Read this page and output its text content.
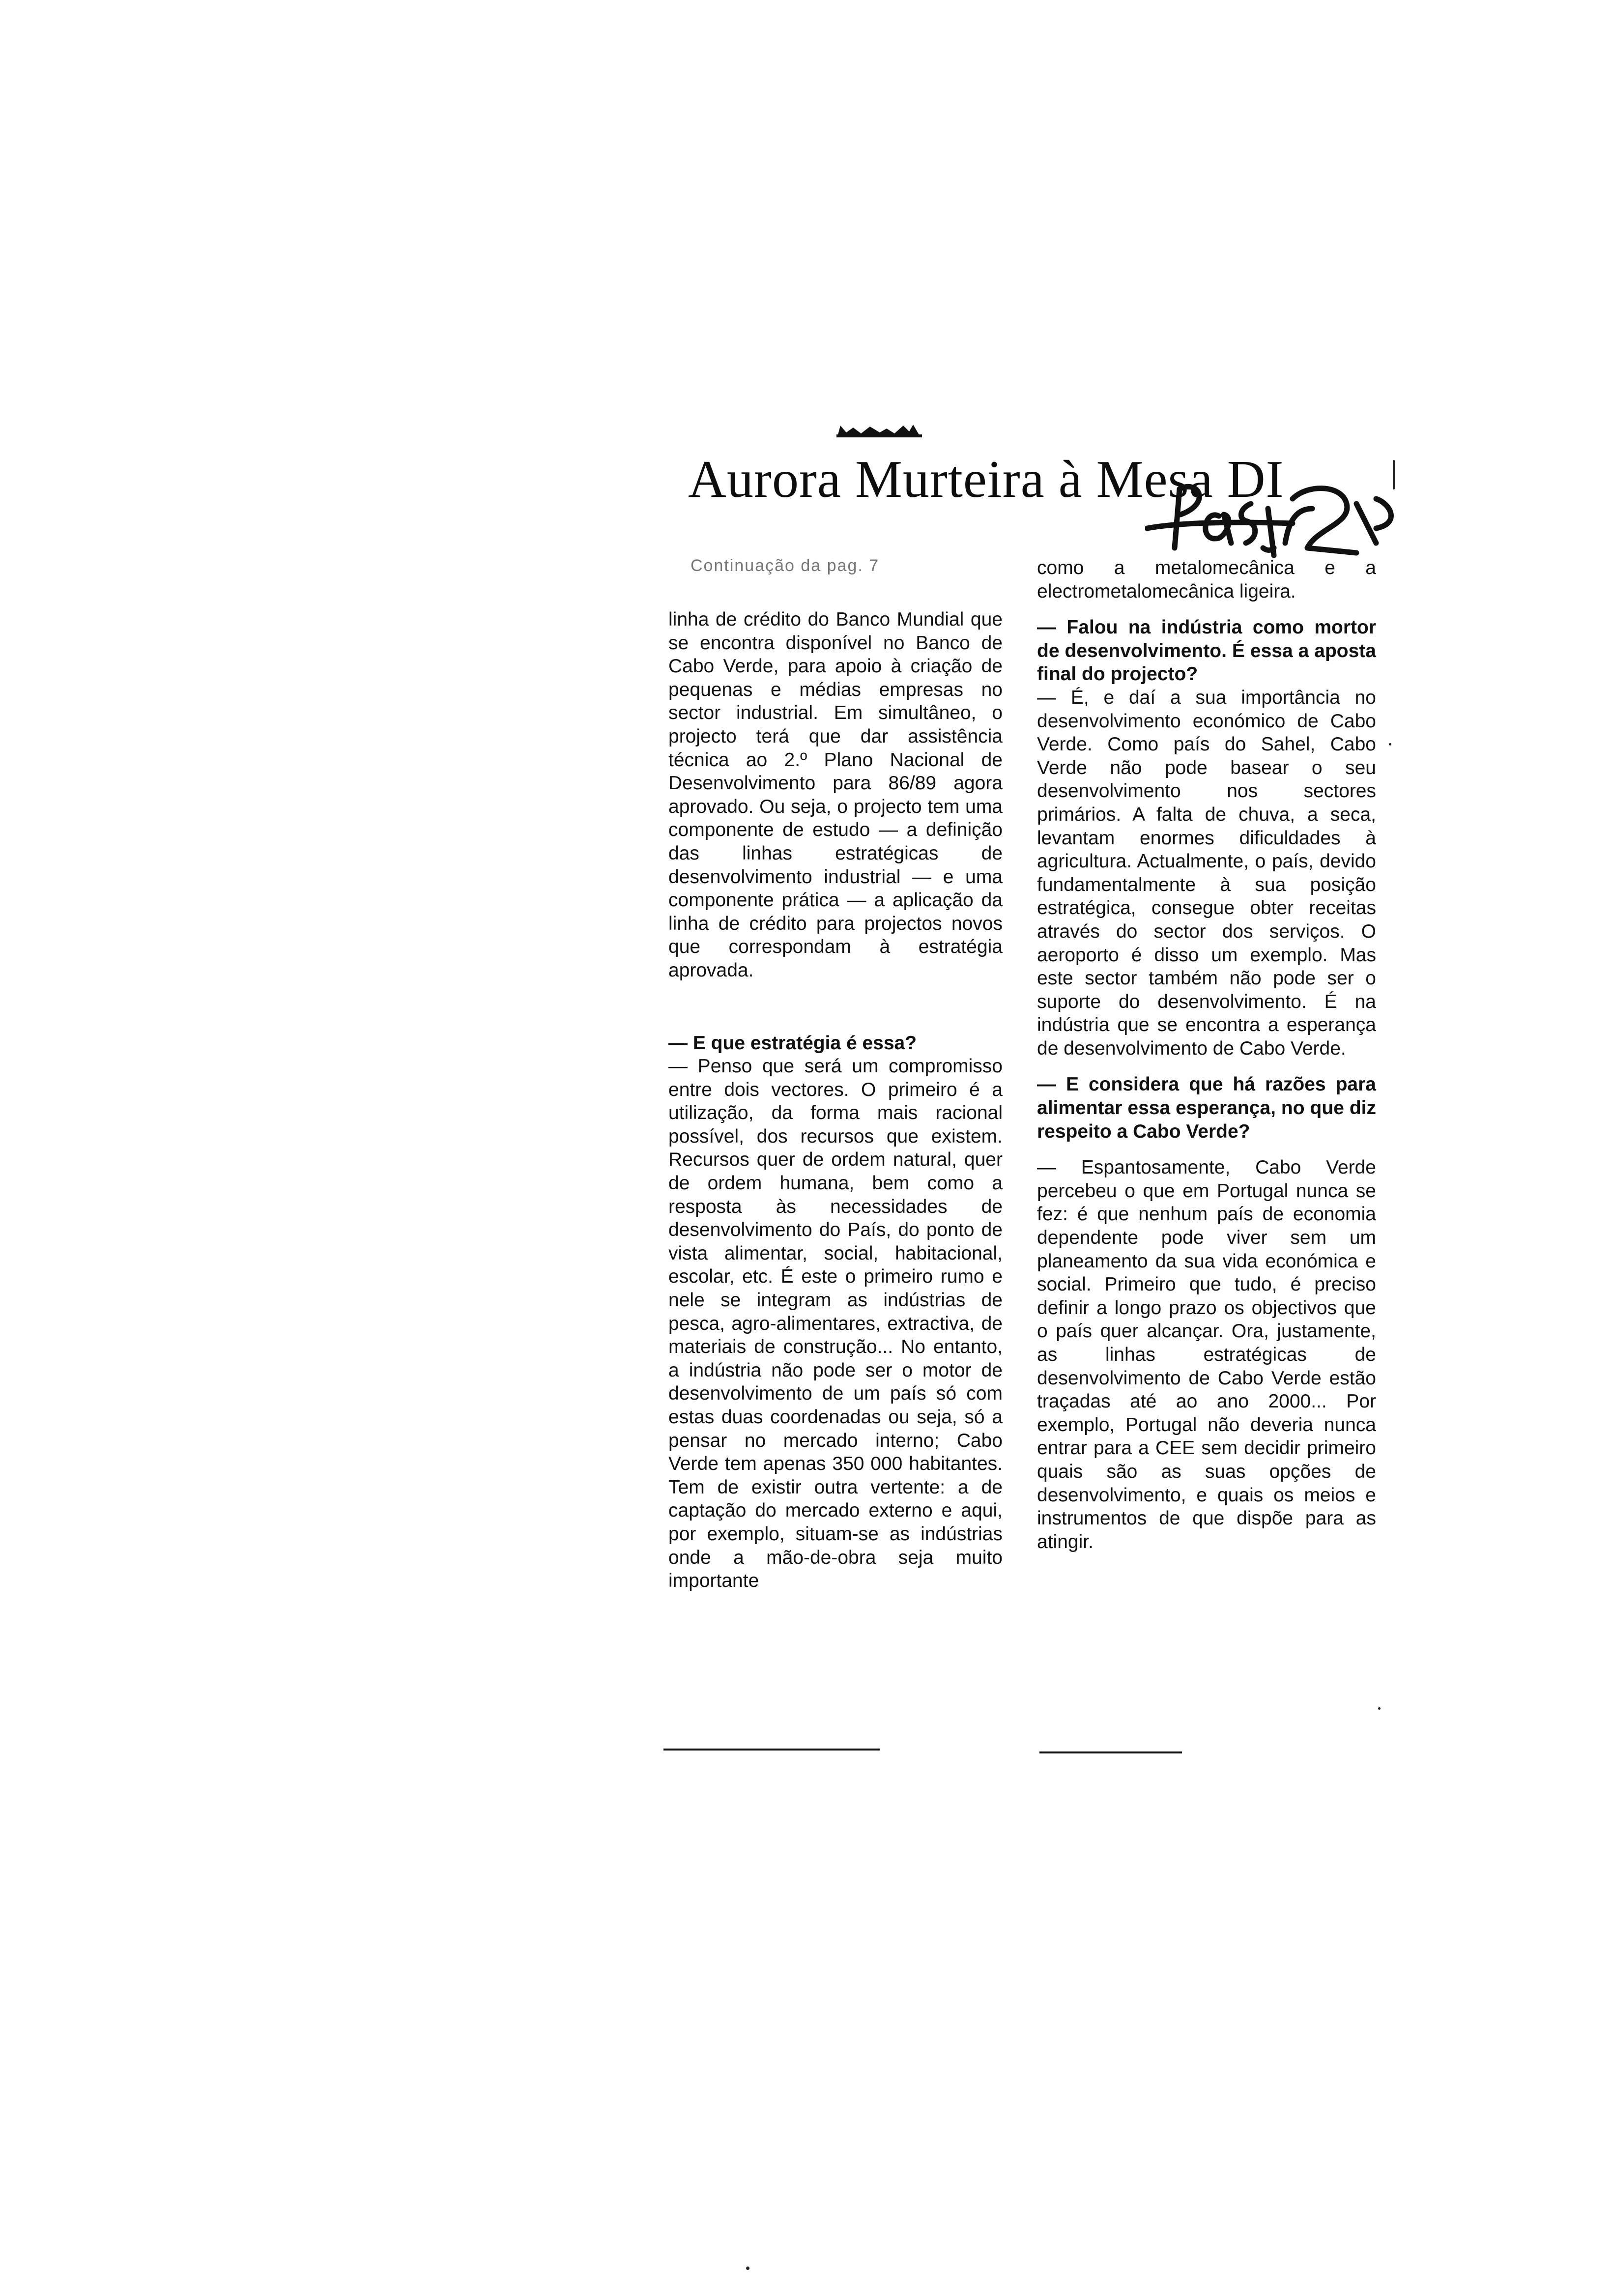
Aurora Murteira à Mesa DI
Continuação da pag. 7

linha de crédito do Banco Mundial que se encontra disponível no Banco de Cabo Verde, para apoio à criação de pequenas e médias empresas no sector industrial. Em simultâneo, o projecto terá que dar assistência técnica ao 2.º Plano Nacional de Desenvolvimento para 86/89 agora aprovado. Ou seja, o projecto tem uma componente de estudo — a definição das linhas estratégicas de desenvolvimento industrial — e uma componente prática — a aplicação da linha de crédito para projectos novos que correspondam à estratégia aprovada.

— E que estratégia é essa?

— Penso que será um compromisso entre dois vectores. O primeiro é a utilização, da forma mais racional possível, dos recursos que existem. Recursos quer de ordem natural, quer de ordem humana, bem como a resposta às necessidades de desenvolvimento do País, do ponto de vista alimentar, social, habitacional, escolar, etc. É este o primeiro rumo e nele se integram as indústrias de pesca, agro-alimentares, extractiva, de materiais de construção... No entanto, a indústria não pode ser o motor de desenvolvimento de um país só com estas duas coordenadas ou seja, só a pensar no mercado interno; Cabo Verde tem apenas 350 000 habitantes. Tem de existir outra vertente: a de captação do mercado externo e aqui, por exemplo, situam-se as indústrias onde a mão-de-obra seja muito importante

como a metalomecânica e a electrometalomecânica ligeira.

— Falou na indústria como mortor de desenvolvimento. É essa a aposta final do projecto?

— É, e daí a sua importância no desenvolvimento económico de Cabo Verde. Como país do Sahel, Cabo Verde não pode basear o seu desenvolvimento nos sectores primários. A falta de chuva, a seca, levantam enormes dificuldades à agricultura. Actualmente, o país, devido fundamentalmente à sua posição estratégica, consegue obter receitas através do sector dos serviços. O aeroporto é disso um exemplo. Mas este sector também não pode ser o suporte do desenvolvimento. É na indústria que se encontra a esperança de desenvolvimento de Cabo Verde.

— E considera que há razões para alimentar essa esperança, no que diz respeito a Cabo Verde?

— Espantosamente, Cabo Verde percebeu o que em Portugal nunca se fez: é que nenhum país de economia dependente pode viver sem um planeamento da sua vida económica e social. Primeiro que tudo, é preciso definir a longo prazo os objectivos que o país quer alcançar. Ora, justamente, as linhas estratégicas de desenvolvimento de Cabo Verde estão traçadas até ao ano 2000... Por exemplo, Portugal não deveria nunca entrar para a CEE sem decidir primeiro quais são as suas opções de desenvolvimento, e quais os meios e instrumentos de que dispõe para as atingir.
